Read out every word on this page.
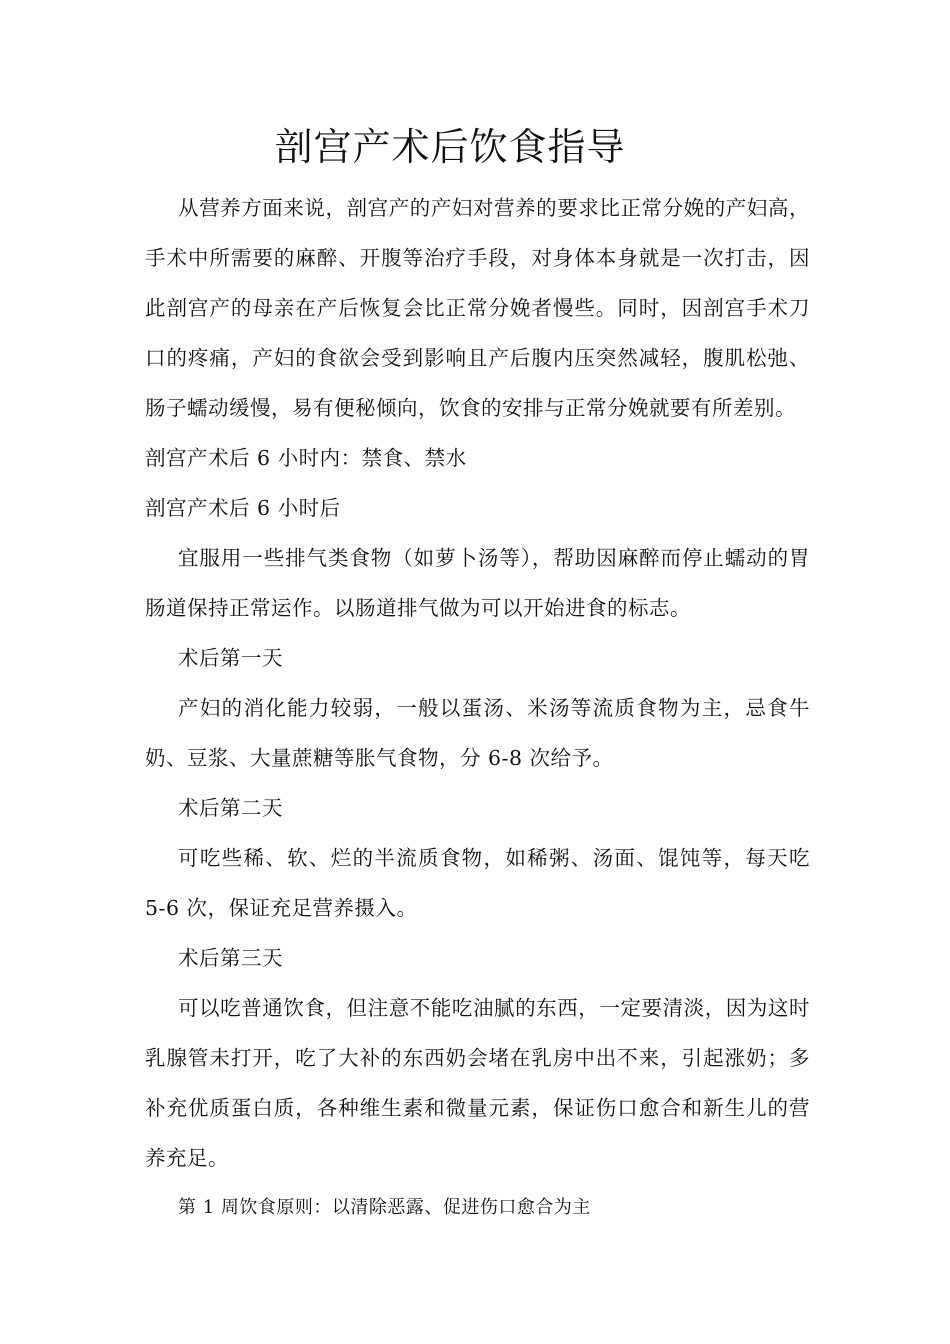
剖宫产术后饮食指导

从营养方面来说，剖宫产的产妇对营养的要求比正常分娩的产妇高，手术中所需要的麻醉、开腹等治疗手段，对身体本身就是一次打击，因此剖宫产的母亲在产后恢复会比正常分娩者慢些。同时，因剖宫手术刀口的疼痛，产妇的食欲会受到影响且产后腹内压突然减轻，腹肌松弛、肠子蠕动缓慢，易有便秘倾向，饮食的安排与正常分娩就要有所差别。

剖宫产术后 6 小时内：禁食、禁水

剖宫产术后 6 小时后

宜服用一些排气类食物（如萝卜汤等），帮助因麻醉而停止蠕动的胃肠道保持正常运作。以肠道排气做为可以开始进食的标志。

术后第一天

产妇的消化能力较弱，一般以蛋汤、米汤等流质食物为主，忌食牛奶、豆浆、大量蔗糖等胀气食物，分 6-8 次给予。

术后第二天

可吃些稀、软、烂的半流质食物，如稀粥、汤面、馄饨等，每天吃 5-6 次，保证充足营养摄入。

术后第三天

可以吃普通饮食，但注意不能吃油腻的东西，一定要清淡，因为这时乳腺管未打开，吃了大补的东西奶会堵在乳房中出不来，引起涨奶；多补充优质蛋白质，各种维生素和微量元素，保证伤口愈合和新生儿的营养充足。

第 1 周饮食原则：以清除恶露、促进伤口愈合为主
